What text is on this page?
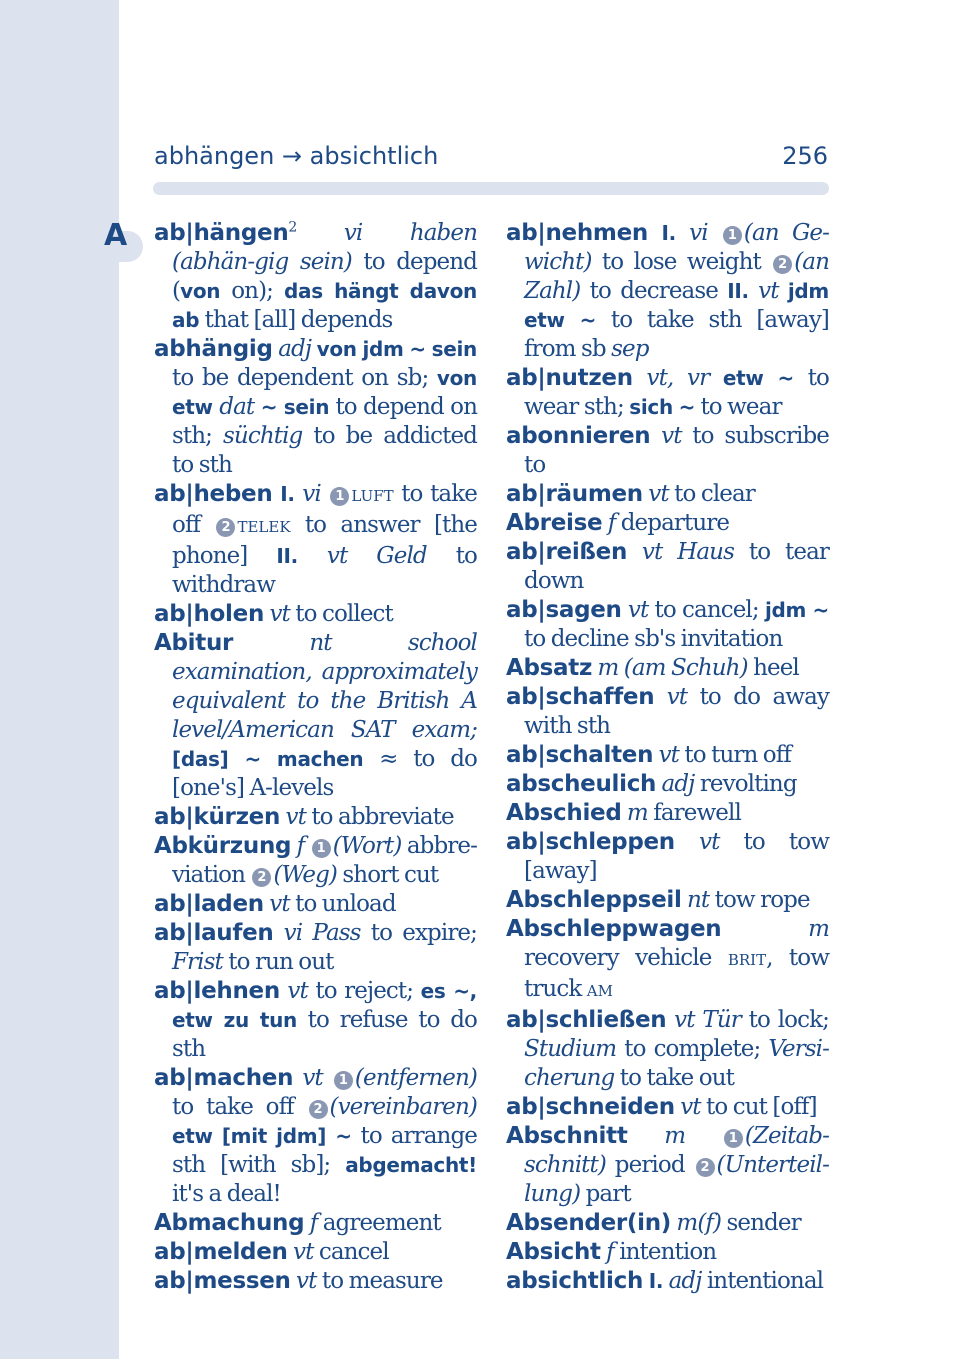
A
abhängen → absichtlich	256
ab|hängen$^2$ vi haben (abhän-gig sein) to depend (von on); das hängt davon ab that [all] depends
abhängig adj von jdm ~ sein to be dependent on sb; von etw dat ~ sein to depend on sth; süchtig to be addicted to sth
ab|heben I. vi 1 LUFT to take off 2 TELEK to answer [the phone] II. vt Geld to withdraw
ab|holen vt to collect
Abitur nt school examination, approximately equivalent to the British A level/American SAT exam; [das] ~ machen ≈ to do [one's] A-levels
ab|kürzen vt to abbreviate
Abkürzung f 1 (Wort) abbre-viation 2 (Weg) short cut
ab|laden vt to unload
ab|laufen vi Pass to expire; Frist to run out
ab|lehnen vt to reject; es ~, etw zu tun to refuse to do sth
ab|machen vt 1 (entfernen) to take off 2 (vereinbaren) etw [mit jdm] ~ to arrange sth [with sb]; abgemacht! it's a deal!
Abmachung f agreement
ab|melden vt cancel
ab|messen vt to measure
ab|nehmen I. vi 1 (an Ge-wicht) to lose weight 2 (an Zahl) to decrease II. vt jdm etw ~ to take sth [away] from sb sep
ab|nutzen vt, vr etw ~ to wear sth; sich ~ to wear
abonnieren vt to subscribe to
ab|räumen vt to clear
Abreise f departure
ab|reißen vt Haus to tear down
ab|sagen vt to cancel; jdm ~ to decline sb's invitation
Absatz m (am Schuh) heel
ab|schaffen vt to do away with sth
ab|schalten vt to turn off
abscheulich adj revolting
Abschied m farewell
ab|schleppen vt to tow [away]
Abschleppseil nt tow rope
Abschleppwagen m recovery vehicle BRIT, tow truck AM
ab|schließen vt Tür to lock; Studium to complete; Versi-cherung to take out
ab|schneiden vt to cut [off]
Abschnitt m 1 (Zeitab-schnitt) period 2 (Unterteil-lung) part
Absender(in) m(f) sender
Absicht f intention
absichtlich I. adj intentional
